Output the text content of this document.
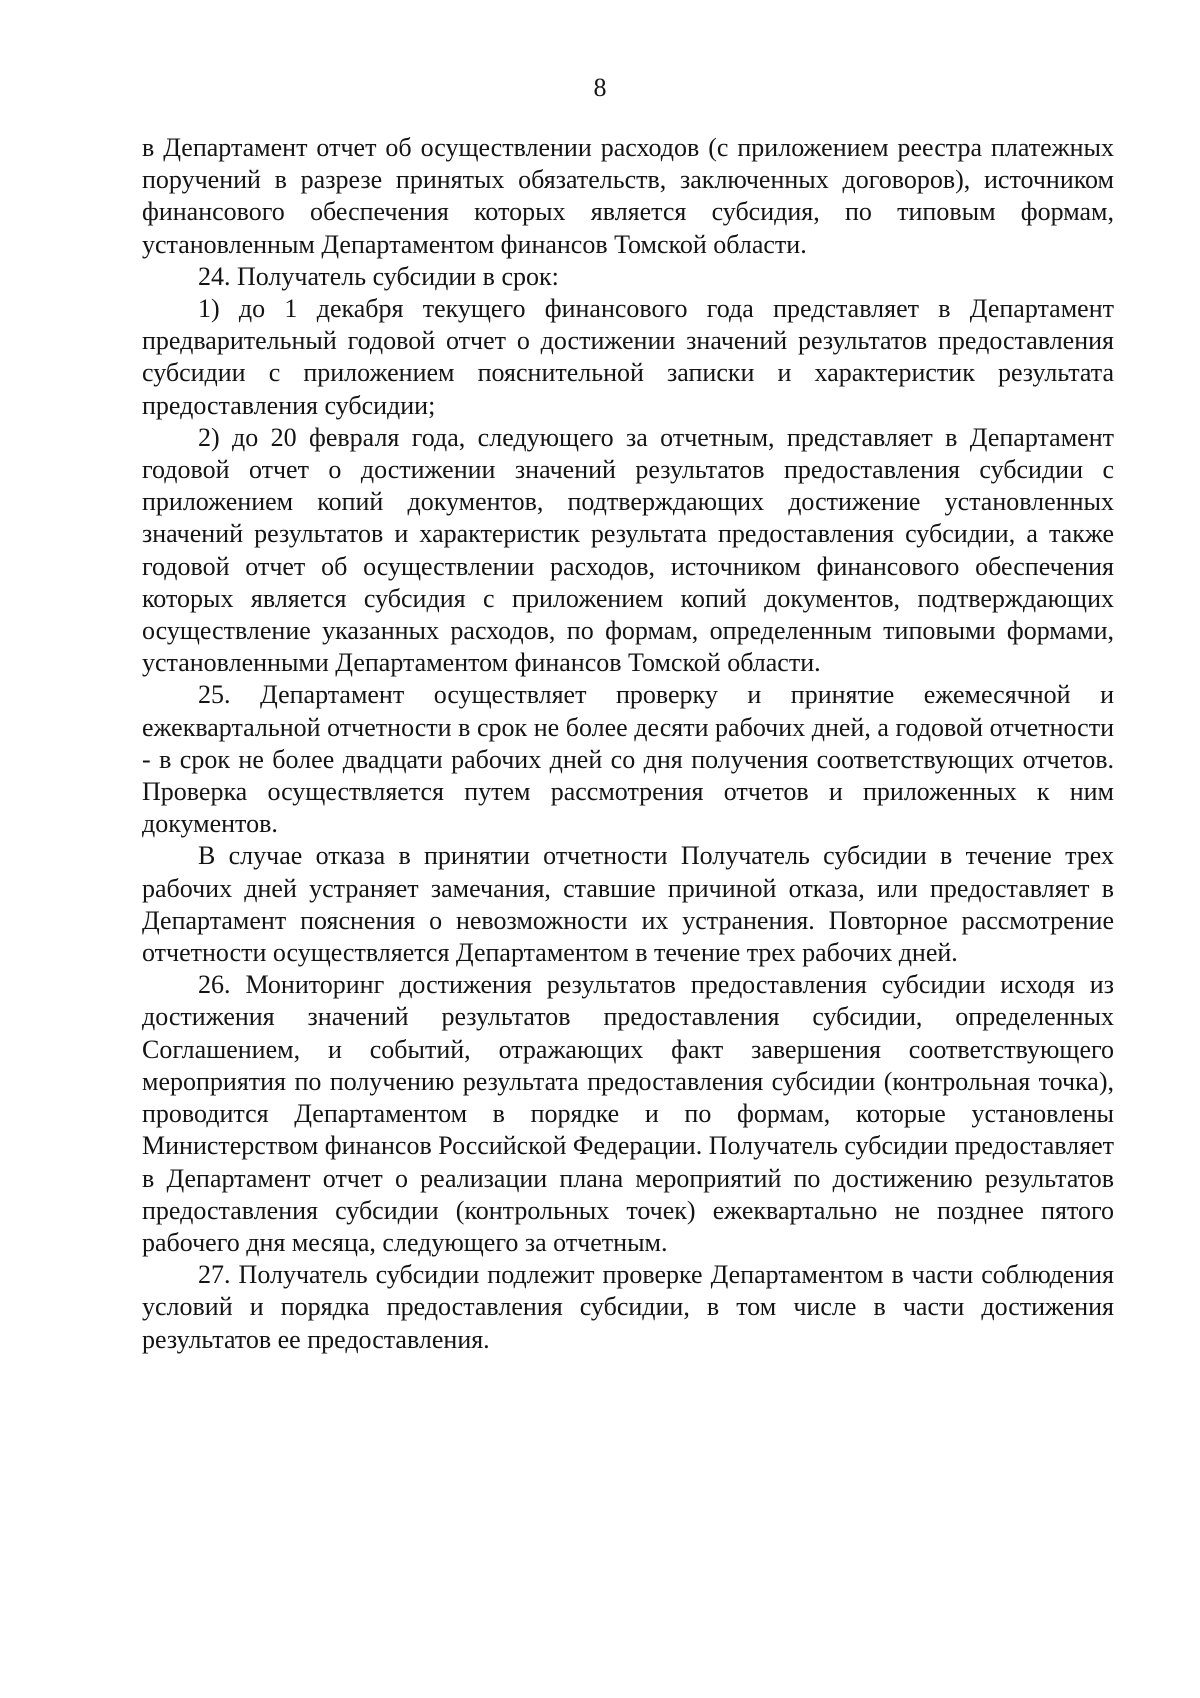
8

в Департамент отчет об осуществлении расходов (с приложением реестра платежных поручений в разрезе принятых обязательств, заключенных договоров), источником финансового обеспечения которых является субсидия, по типовым формам, установленным Департаментом финансов Томской области.

24. Получатель субсидии в срок:

1) до 1 декабря текущего финансового года представляет в Департамент предварительный годовой отчет о достижении значений результатов предоставления субсидии с приложением пояснительной записки и характеристик результата предоставления субсидии;

2) до 20 февраля года, следующего за отчетным, представляет в Департамент годовой отчет о достижении значений результатов предоставления субсидии с приложением копий документов, подтверждающих достижение установленных значений результатов и характеристик результата предоставления субсидии, а также годовой отчет об осуществлении расходов, источником финансового обеспечения которых является субсидия с приложением копий документов, подтверждающих осуществление указанных расходов, по формам, определенным типовыми формами, установленными Департаментом финансов Томской области.

25. Департамент осуществляет проверку и принятие ежемесячной и ежеквартальной отчетности в срок не более десяти рабочих дней, а годовой отчетности - в срок не более двадцати рабочих дней со дня получения соответствующих отчетов. Проверка осуществляется путем рассмотрения отчетов и приложенных к ним документов.

В случае отказа в принятии отчетности Получатель субсидии в течение трех рабочих дней устраняет замечания, ставшие причиной отказа, или предоставляет в Департамент пояснения о невозможности их устранения. Повторное рассмотрение отчетности осуществляется Департаментом в течение трех рабочих дней.

26. Мониторинг достижения результатов предоставления субсидии исходя из достижения значений результатов предоставления субсидии, определенных Соглашением, и событий, отражающих факт завершения соответствующего мероприятия по получению результата предоставления субсидии (контрольная точка), проводится Департаментом в порядке и по формам, которые установлены Министерством финансов Российской Федерации. Получатель субсидии предоставляет в Департамент отчет о реализации плана мероприятий по достижению результатов предоставления субсидии (контрольных точек) ежеквартально не позднее пятого рабочего дня месяца, следующего за отчетным.

27. Получатель субсидии подлежит проверке Департаментом в части соблюдения условий и порядка предоставления субсидии, в том числе в части достижения результатов ее предоставления.
